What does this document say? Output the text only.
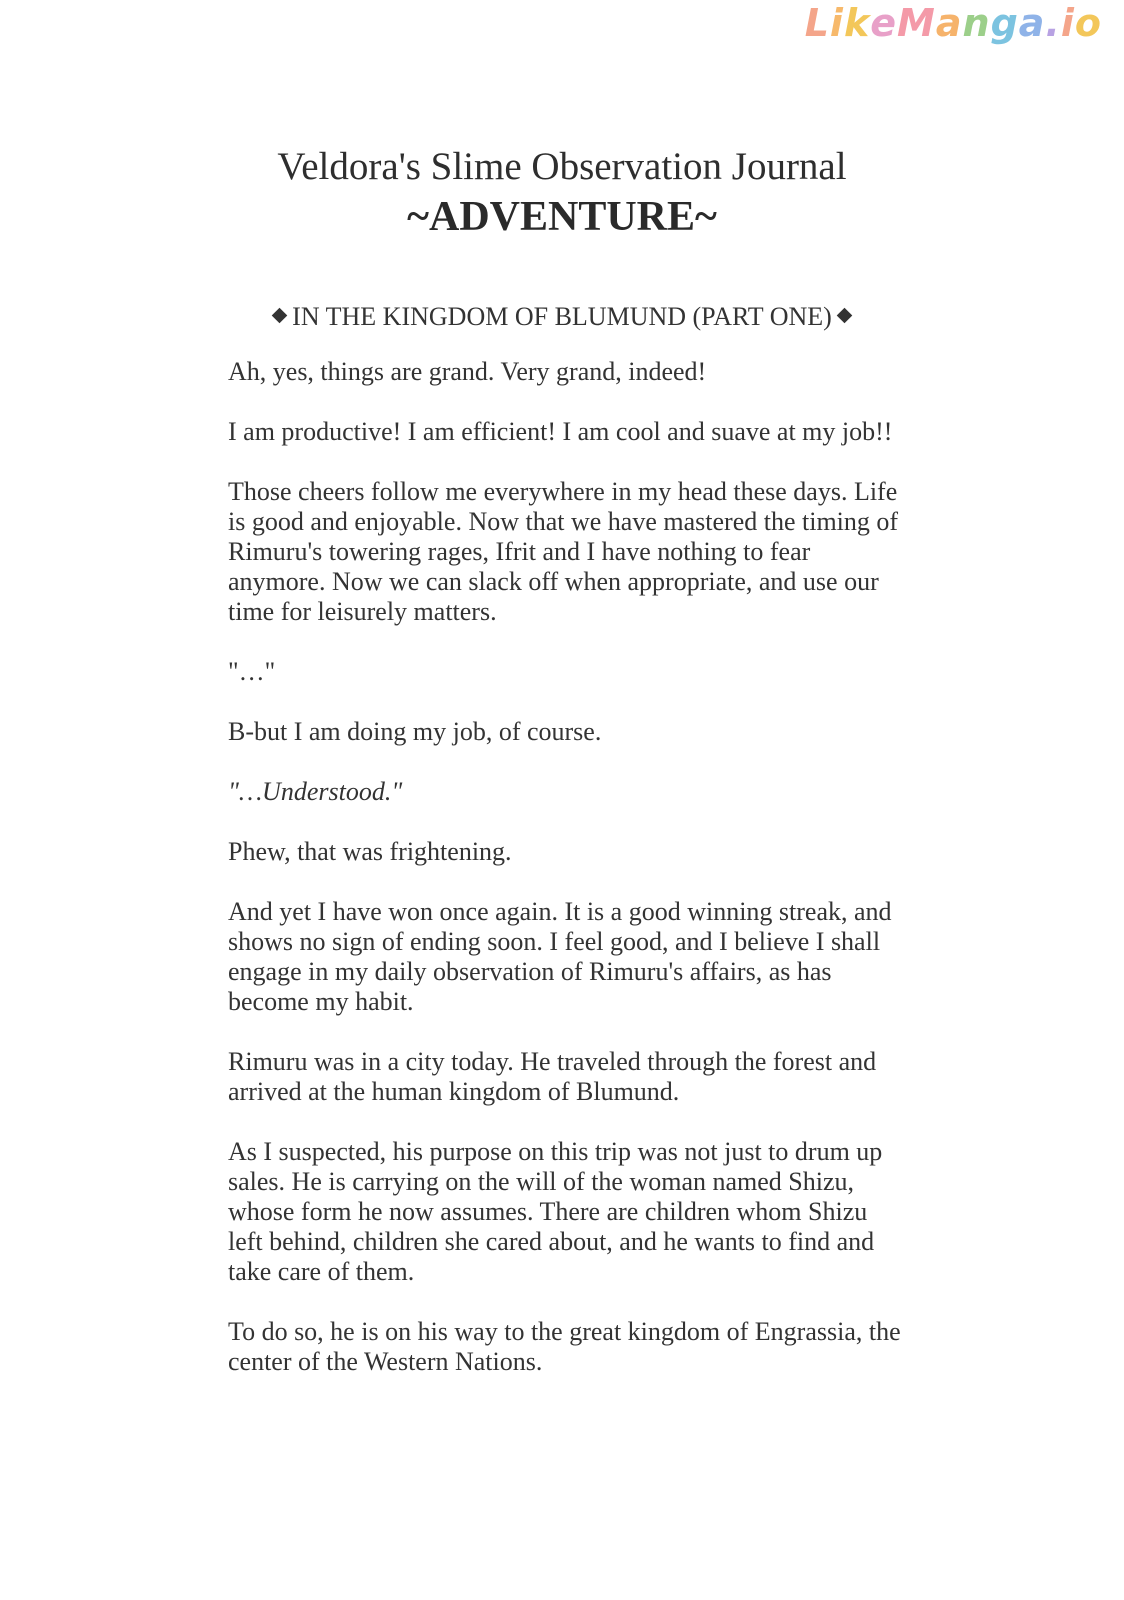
LikeManga.io
Veldora's Slime Observation Journal
~ADVENTURE~
IN THE KINGDOM OF BLUMUND (PART ONE)

Ah, yes, things are grand. Very grand, indeed!

I am productive! I am efficient! I am cool and suave at my job!!

Those cheers follow me everywhere in my head these days. Life is good and enjoyable. Now that we have mastered the timing of Rimuru's towering rages, Ifrit and I have nothing to fear anymore. Now we can slack off when appropriate, and use our time for leisurely matters.

"…"

B-but I am doing my job, of course.

"…Understood."

Phew, that was frightening.

And yet I have won once again. It is a good winning streak, and shows no sign of ending soon. I feel good, and I believe I shall engage in my daily observation of Rimuru's affairs, as has become my habit.

Rimuru was in a city today. He traveled through the forest and arrived at the human kingdom of Blumund.

As I suspected, his purpose on this trip was not just to drum up sales. He is carrying on the will of the woman named Shizu, whose form he now assumes. There are children whom Shizu left behind, children she cared about, and he wants to find and take care of them.

To do so, he is on his way to the great kingdom of Engrassia, the center of the Western Nations.
